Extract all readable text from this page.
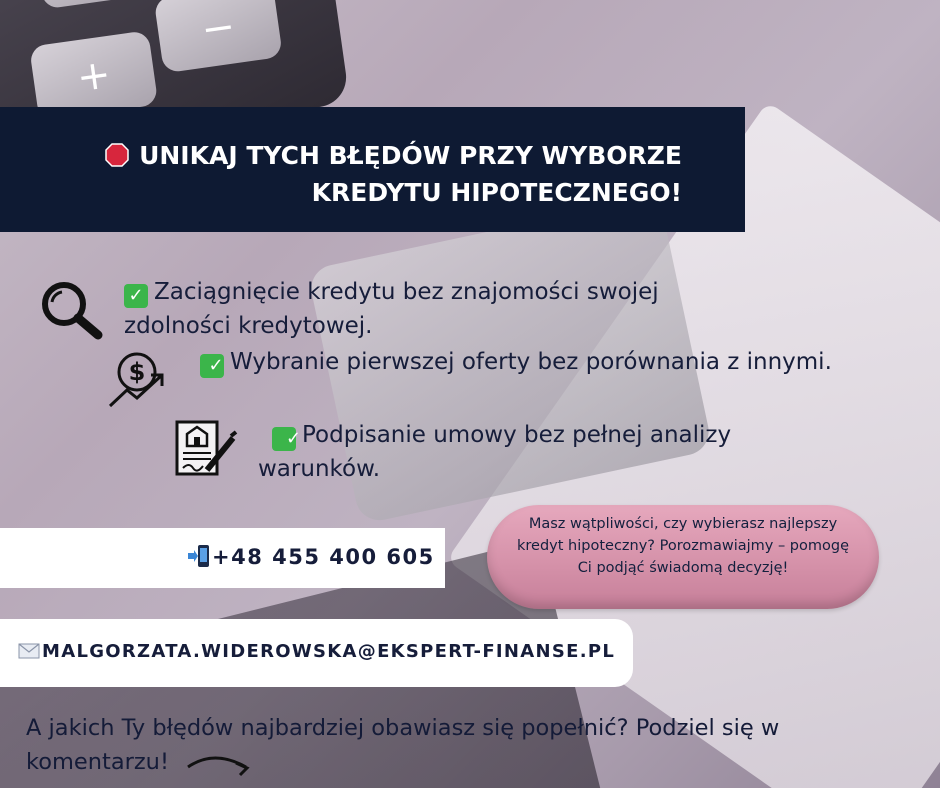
+
−
UNIKAJ TYCH BŁĘDÓW PRZY WYBORZE
KREDYTU HIPOTECZNEGO!
✓ Zaciągnięcie kredytu bez znajomości swojej zdolności kredytowej.
$	✓ Wybranie pierwszej oferty bez porównania z innymi.
✓Podpisanie umowy bez pełnej analizy warunków.
+48 455 400 605
Masz wątpliwości, czy wybierasz najlepszy kredyt hipoteczny? Porozmawiajmy – pomogę Ci podjąć świadomą decyzję!
MALGORZATA.WIDEROWSKA@EKSPERT-FINANSE.PL
A jakich Ty błędów najbardziej obawiasz się popełnić? Podziel się w komentarzu!
